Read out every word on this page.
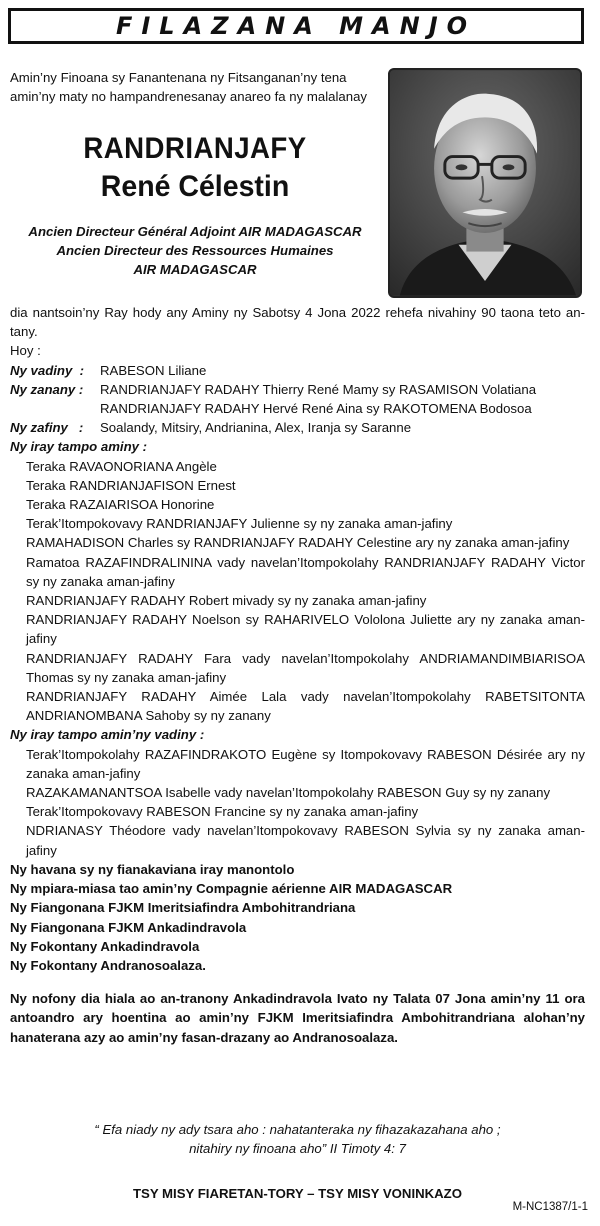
FILAZANA MANJO
Amin’ny Finoana sy Fanantenana ny Fitsanganan’ny tena amin’ny maty no hampandrenesanay anareo fa ny malalanay
RANDRIANJAFY
René Célestin
Ancien Directeur Général Adjoint AIR MADAGASCAR
Ancien Directeur des Ressources Humaines
AIR MADAGASCAR

dia nantsoin’ny Ray hody any Aminy ny Sabotsy 4 Jona 2022 rehefa nivahiny 90 taona teto an-tany.

Hoy :

Ny vadiny :	RABESON Liliane
Ny zanany :	RANDRIANJAFY RADAHY Thierry René Mamy sy RASAMISON Volatiana
RANDRIANJAFY RADAHY Hervé René Aina sy RAKOTOMENA Bodosoa
Ny zafiny :	Soalandy, Mitsiry, Andrianina, Alex, Iranja sy Saranne
Ny iray tampo aminy :
Teraka RAVAONORIANA Angèle
Teraka RANDRIANJAFISON Ernest
Teraka RAZAIARISOA Honorine
Terak’Itompokovavy RANDRIANJAFY Julienne sy ny zanaka aman-jafiny
RAMAHADISON Charles sy RANDRIANJAFY RADAHY Celestine ary ny zanaka aman-jafiny
Ramatoa RAZAFINDRALININA vady navelan’Itompokolahy RANDRIANJAFY RADAHY Victor sy ny zanaka aman-jafiny
RANDRIANJAFY RADAHY Robert mivady sy ny zanaka aman-jafiny
RANDRIANJAFY RADAHY Noelson sy RAHARIVELO Vololona Juliette ary ny zanaka aman-jafiny
RANDRIANJAFY RADAHY Fara vady navelan’Itompokolahy ANDRIAMANDIMBIARISOA Thomas sy ny zanaka aman-jafiny
RANDRIANJAFY RADAHY Aimée Lala vady navelan’Itompokolahy RABETSITONTA ANDRIANOMBANA Sahoby sy ny zanany
Ny iray tampo amin’ny vadiny :
Terak’Itompokolahy RAZAFINDRAKOTO Eugène sy Itompokovavy RABESON Désirée ary ny zanaka aman-jafiny
RAZAKAMANANTSOA Isabelle vady navelan’Itompokolahy RABESON Guy sy ny zanany
Terak’Itompokovavy RABESON Francine sy ny zanaka aman-jafiny
NDRIANASY Théodore vady navelan’Itompokovavy RABESON Sylvia sy ny zanaka aman-jafiny
Ny havana sy ny fianakaviana iray manontolo
Ny mpiara-miasa tao amin’ny Compagnie aérienne AIR MADAGASCAR
Ny Fiangonana FJKM Imeritsiafindra Ambohitrandriana
Ny Fiangonana FJKM Ankadindravola
Ny Fokontany Ankadindravola
Ny Fokontany Andranosoalaza.

Ny nofony dia hiala ao an-tranony Ankadindravola Ivato ny Talata 07 Jona amin’ny 11 ora antoandro ary hoentina ao amin’ny FJKM Imeritsiafindra Ambohitrandriana alohan’ny hanaterana azy ao amin’ny fasan-drazany ao Andranosoalaza.

“ Efa niady ny ady tsara aho : nahatanteraka ny fihazakazahana aho ;
nitahiry ny finoana aho” II Timoty 4: 7
TSY MISY FIARETAN-TORY – TSY MISY VONINKAZO
M-NC1387/1-1
